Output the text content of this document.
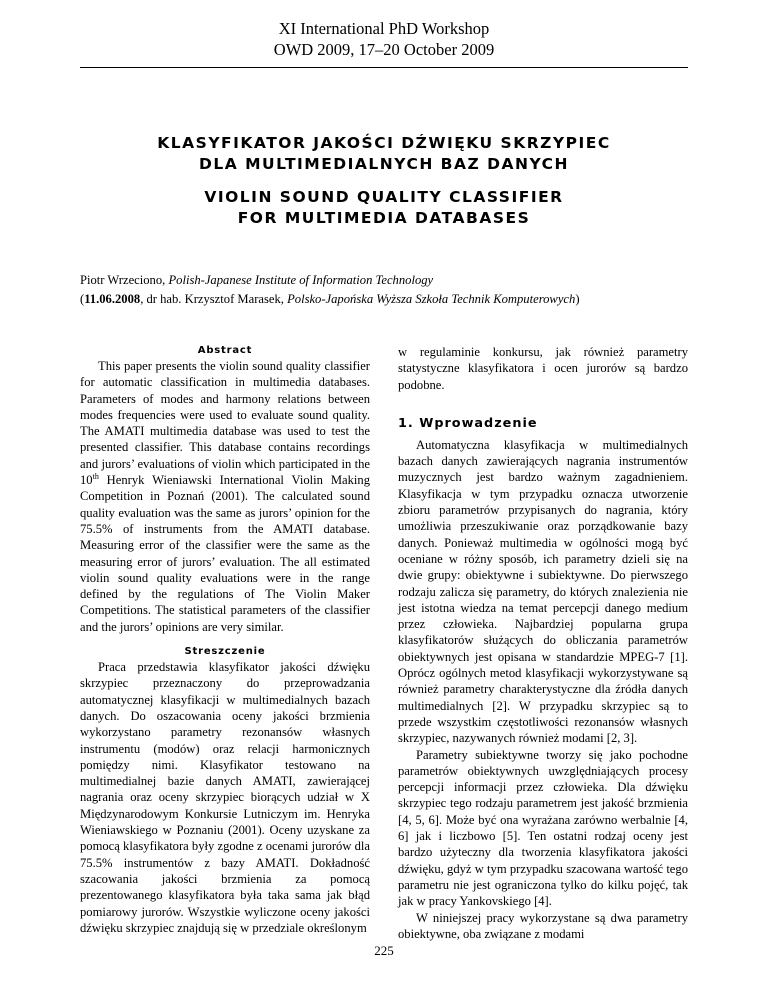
XI International PhD Workshop
OWD 2009, 17–20 October 2009
KLASYFIKATOR JAKOŚCI DŹWIĘKU SKRZYPIEC
DLA MULTIMEDIALNYCH BAZ DANYCH
VIOLIN SOUND QUALITY CLASSIFIER
FOR MULTIMEDIA DATABASES
Piotr Wrzeciono, Polish-Japanese Institute of Information Technology
(11.06.2008, dr hab. Krzysztof Marasek, Polsko-Japońska Wyższa Szkoła Technik Komputerowych)
Abstract

This paper presents the violin sound quality classifier for automatic classification in multimedia databases. Parameters of modes and harmony relations between modes frequencies were used to evaluate sound quality. The AMATI multimedia database was used to test the presented classifier. This database contains recordings and jurors’ evaluations of violin which participated in the 10th Henryk Wieniawski International Violin Making Competition in Poznań (2001). The calculated sound quality evaluation was the same as jurors’ opinion for the 75.5% of instruments from the AMATI database. Measuring error of the classifier were the same as the measuring error of jurors’ evaluation. The all estimated violin sound quality evaluations were in the range defined by the regulations of The Violin Maker Competitions. The statistical parameters of the classifier and the jurors’ opinions are very similar.

Streszczenie

Praca przedstawia klasyfikator jakości dźwięku skrzypiec przeznaczony do przeprowadzania automatycznej klasyfikacji w multimedialnych bazach danych. Do oszacowania oceny jakości brzmienia wykorzystano parametry rezonansów własnych instrumentu (modów) oraz relacji harmonicznych pomiędzy nimi. Klasyfikator testowano na multimedialnej bazie danych AMATI, zawierającej nagrania oraz oceny skrzypiec biorących udział w X Międzynarodowym Konkursie Lutniczym im. Henryka Wieniawskiego w Poznaniu (2001). Oceny uzyskane za pomocą klasyfikatora były zgodne z ocenami jurorów dla 75.5% instrumentów z bazy AMATI. Dokładność szacowania jakości brzmienia za pomocą prezentowanego klasyfikatora była taka sama jak błąd pomiarowy jurorów. Wszystkie wyliczone oceny jakości dźwięku skrzypiec znajdują się w przedziale określonym

w regulaminie konkursu, jak również parametry statystyczne klasyfikatora i ocen jurorów są bardzo podobne.

1. Wprowadzenie

Automatyczna klasyfikacja w multimedialnych bazach danych zawierających nagrania instrumentów muzycznych jest bardzo ważnym zagadnieniem. Klasyfikacja w tym przypadku oznacza utworzenie zbioru parametrów przypisanych do nagrania, który umożliwia przeszukiwanie oraz porządkowanie bazy danych. Ponieważ multimedia w ogólności mogą być oceniane w różny sposób, ich parametry dzieli się na dwie grupy: obiektywne i subiektywne. Do pierwszego rodzaju zalicza się parametry, do których znalezienia nie jest istotna wiedza na temat percepcji danego medium przez człowieka. Najbardziej popularna grupa klasyfikatorów służących do obliczania parametrów obiektywnych jest opisana w standardzie MPEG-7 [1]. Oprócz ogólnych metod klasyfikacji wykorzystywane są również parametry charakterystyczne dla źródła danych multimedialnych [2]. W przypadku skrzypiec są to przede wszystkim częstotliwości rezonansów własnych skrzypiec, nazywanych również modami [2, 3].

Parametry subiektywne tworzy się jako pochodne parametrów obiektywnych uwzględniających procesy percepcji informacji przez człowieka. Dla dźwięku skrzypiec tego rodzaju parametrem jest jakość brzmienia [4, 5, 6]. Może być ona wyrażana zarówno werbalnie [4, 6] jak i liczbowo [5]. Ten ostatni rodzaj oceny jest bardzo użyteczny dla tworzenia klasyfikatora jakości dźwięku, gdyż w tym przypadku szacowana wartość tego parametru nie jest ograniczona tylko do kilku pojęć, tak jak w pracy Yankovskiego [4].

W niniejszej pracy wykorzystane są dwa parametry obiektywne, oba związane z modami

225
